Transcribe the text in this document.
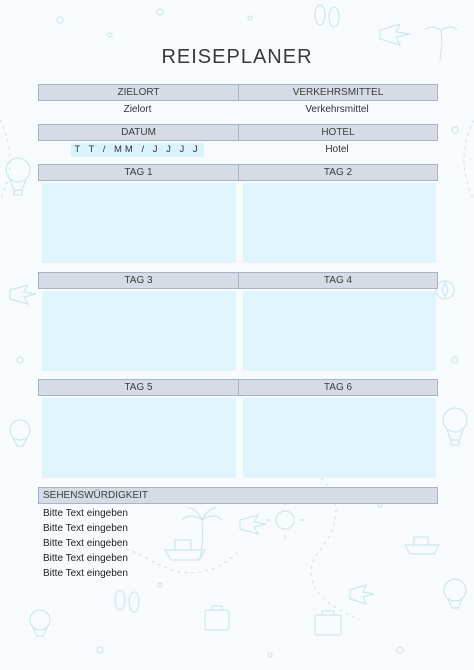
REISEPLANER
ZIELORT	VERKEHRSMITTEL
Zielort	Verkehrsmittel
DATUM	HOTEL
T T / MM / J J J J	Hotel
TAG 1	TAG 2
TAG 3	TAG 4
TAG 5	TAG 6
SEHENSWÜRDIGKEIT
Bitte Text eingeben
Bitte Text eingeben
Bitte Text eingeben
Bitte Text eingeben
Bitte Text eingeben
